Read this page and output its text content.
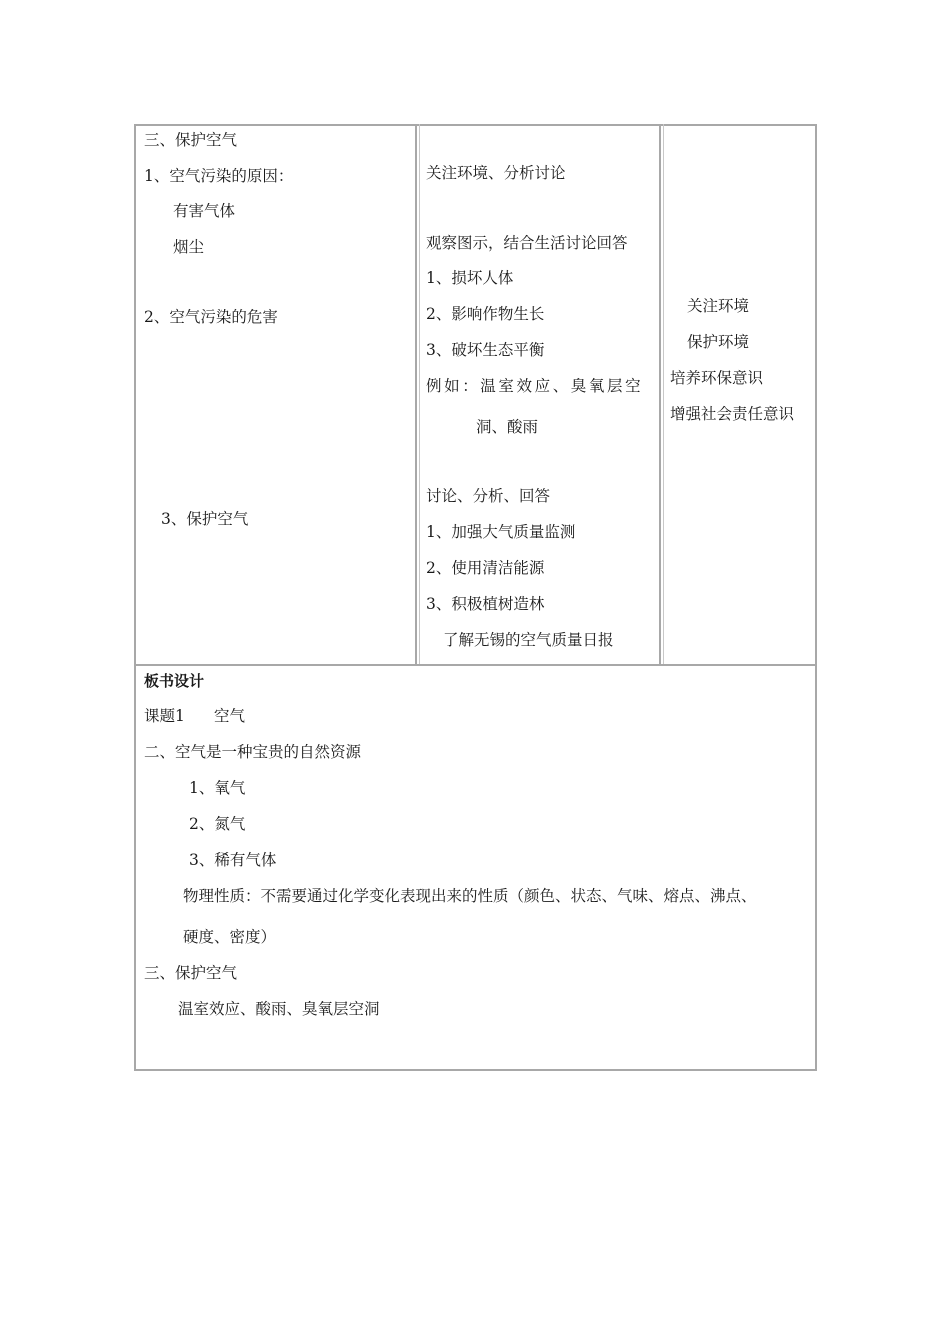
三、保护空气
1、空气污染的原因：
有害气体
烟尘
2、空气污染的危害
3、保护空气
关注环境、分析讨论
观察图示，结合生活讨论回答
1、损坏人体
2、影响作物生长
3、破坏生态平衡
例如：温室效应、臭氧层空
洞、酸雨
讨论、分析、回答
1、加强大气质量监测
2、使用清洁能源
3、积极植树造林
了解无锡的空气质量日报
关注环境
保护环境
培养环保意识
增强社会责任意识
板书设计
课题1 空气
二、空气是一种宝贵的自然资源
1、氧气
2、氮气
3、稀有气体
物理性质：不需要通过化学变化表现出来的性质（颜色、状态、气味、熔点、沸点、
硬度、密度）
三、保护空气
温室效应、酸雨、臭氧层空洞
